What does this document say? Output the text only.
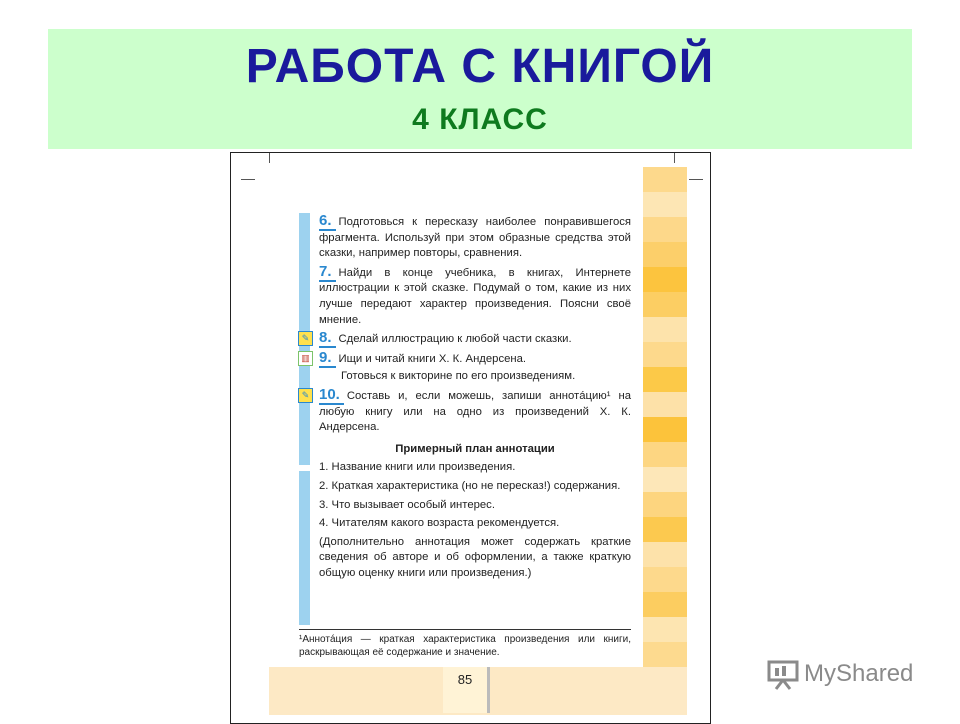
РАБОТА С КНИГОЙ
4 КЛАСС
85
6. Подготовься к пересказу наиболее понравившегося фрагмента. Используй при этом образные средства этой сказки, например повторы, сравнения.
7. Найди в конце учебника, в книгах, Интернете иллюстрации к этой сказке. Подумай о том, какие из них лучше передают характер произведения. Поясни своё мнение.
✎ 8. Сделай иллюстрацию к любой части сказки.
▥ 9. Ищи и читай книги Х. К. Андерсена.
Готовься к викторине по его произведениям.
✎ 10. Составь и, если можешь, запиши аннотáцию¹ на любую книгу или на одно из произведений Х. К. Андерсена.
Примерный план аннотации
1. Название книги или произведения.
2. Краткая характеристика (но не пересказ!) содержания.
3. Что вызывает особый интерес.
4. Читателям какого возраста рекомендуется.
(Дополнительно аннотация может содержать краткие сведения об авторе и об оформлении, а также краткую общую оценку книги или произведения.)
¹Аннотáция — краткая характеристика произведения или книги, раскрывающая её содержание и значение.
MyShared
